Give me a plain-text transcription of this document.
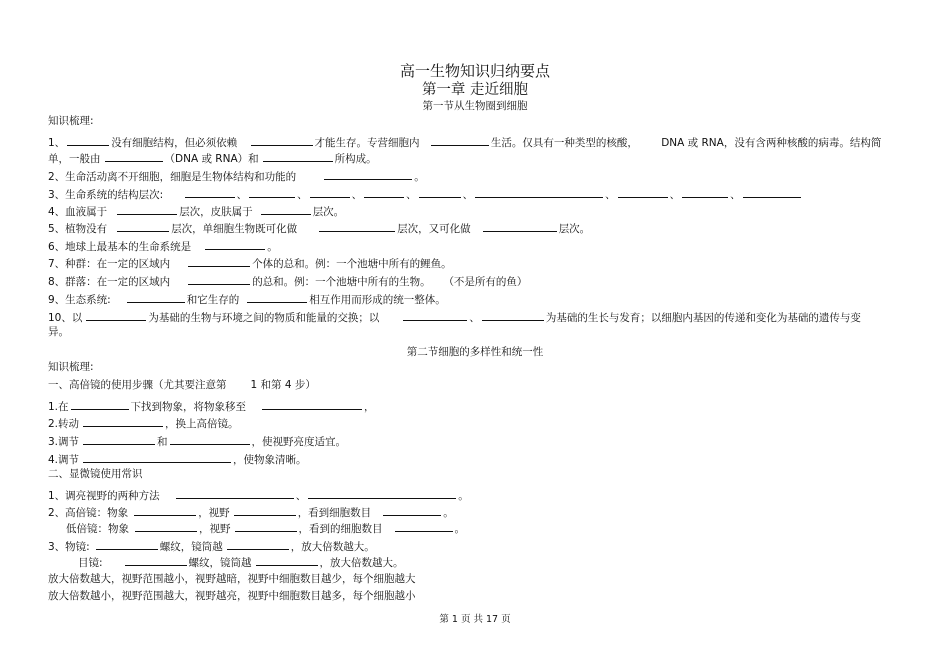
高一生物知识归纳要点
第一章 走近细胞
第一节从生物圈到细胞
知识梳理:
1、	没有细胞结构，但必须依赖	才能生存。专营细胞内	生活。仅具有一种类型的核酸， DNA 或 RNA，没有含两种核酸的病毒。结构简
单，一般由	（DNA 或 RNA）和	所构成。
2、生命活动离不开细胞，细胞是生物体结构和功能的	。
3、生命系统的结构层次:	、	、	、	、	、	、	、	、
4、血液属于	层次，皮肤属于	层次。
5、植物没有	层次，单细胞生物既可化做	层次，又可化做	层次。
6、地球上最基本的生命系统是	。
7、种群：在一定的区域内	个体的总和。例：一个池塘中所有的鲤鱼。
8、群落：在一定的区域内	的总和。例：一个池塘中所有的生物。 （不是所有的鱼）
9、生态系统:	和它生存的	相互作用而形成的统一整体。
10、以	为基础的生物与环境之间的物质和能量的交换；以	、	为基础的生长与发育；以细胞内基因的传递和变化为基础的遗传与变
异。
第二节细胞的多样性和统一性
知识梳理:
一、高倍镜的使用步骤（尤其要注意第 1 和第 4 步）
1.在	下找到物象，将物象移至	，
2.转动	，换上高倍镜。
3.调节	和	，使视野亮度适宜。
4.调节	，使物象清晰。
二、显微镜使用常识
1、调亮视野的两种方法	、	。
2、高倍镜：物象	，视野	，看到细胞数目	。
低倍镜：物象	，视野	，看到的细胞数目	。
3、物镜:	螺纹，镜筒越	，放大倍数越大。
目镜:	螺纹，镜筒越	，放大倍数越大。
放大倍数越大，视野范围越小，视野越暗，视野中细胞数目越少，每个细胞越大
放大倍数越小，视野范围越大，视野越亮，视野中细胞数目越多，每个细胞越小
第 1 页 共 17 页
